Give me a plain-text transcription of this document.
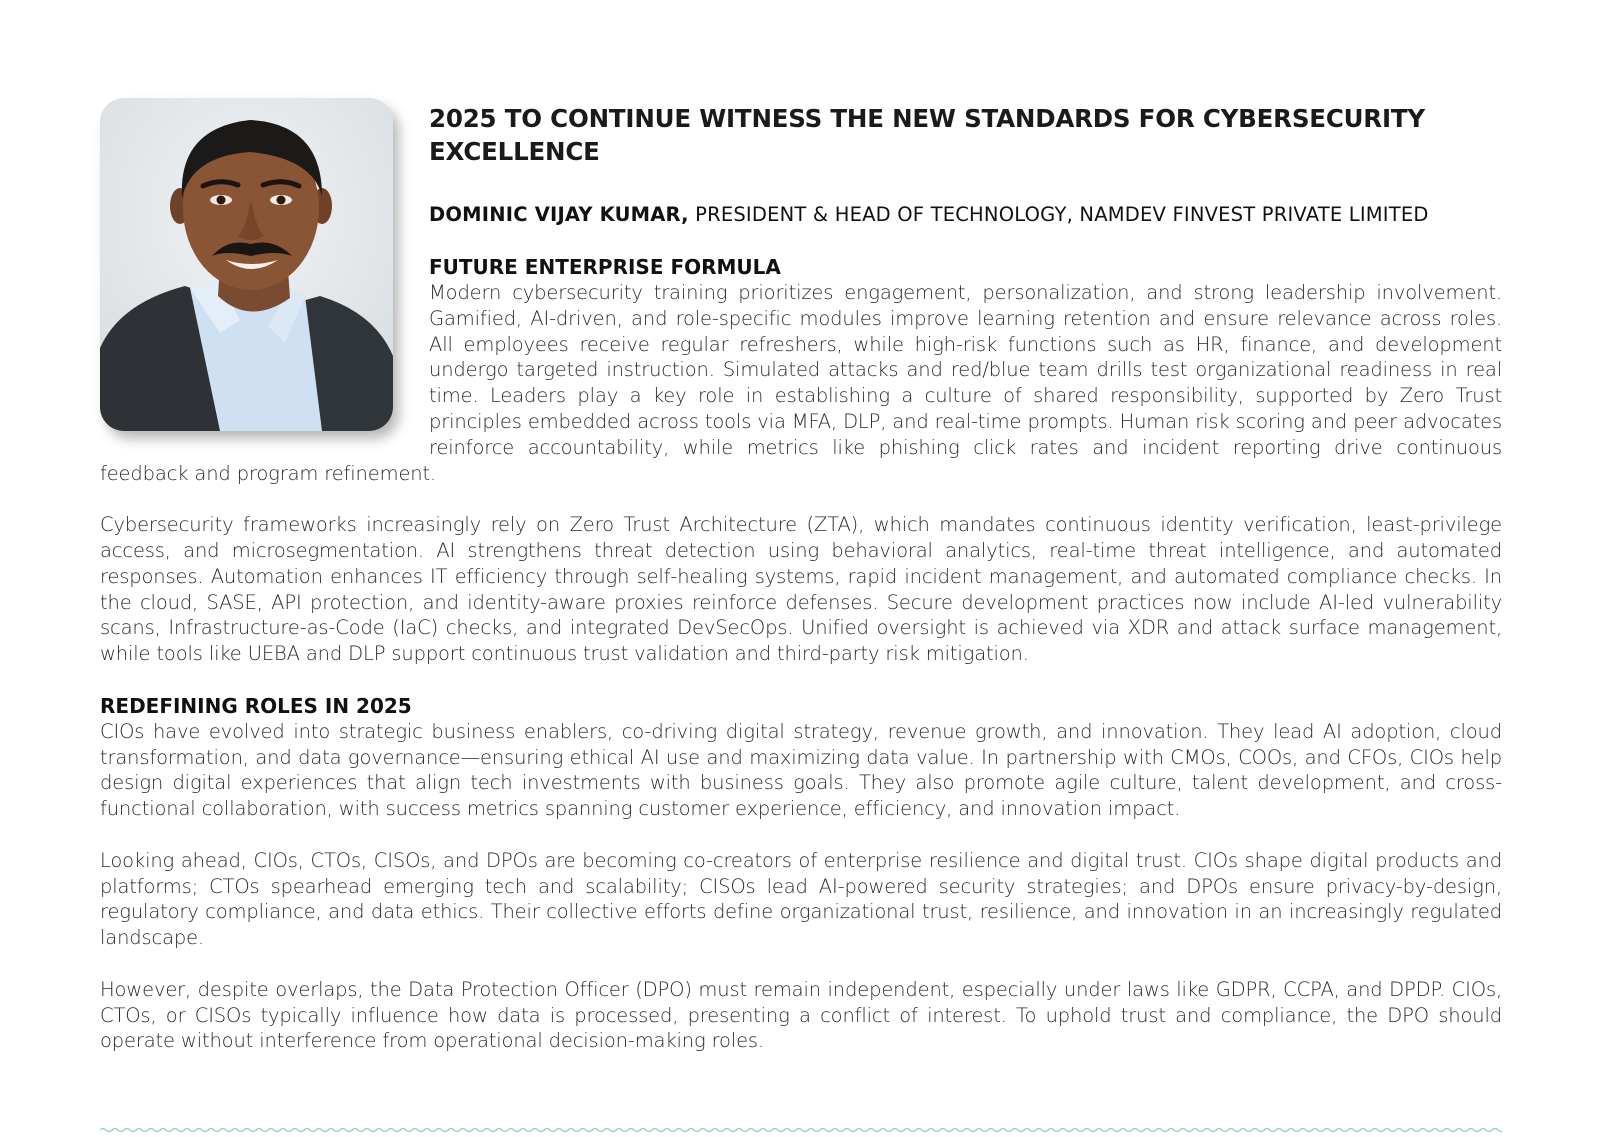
2025 TO CONTINUE WITNESS THE NEW STANDARDS FOR CYBERSECURITY EXCELLENCE
DOMINIC VIJAY KUMAR, PRESIDENT & HEAD OF TECHNOLOGY, NAMDEV FINVEST PRIVATE LIMITED
FUTURE ENTERPRISE FORMULA

Modern cybersecurity training prioritizes engagement, personalization, and strong leadership involvement. Gamified, AI-driven, and role-specific modules improve learning retention and ensure relevance across roles. All employees receive regular refreshers, while high-risk functions such as HR, finance, and development undergo targeted instruction. Simulated attacks and red/blue team drills test organizational readiness in real time. Leaders play a key role in establishing a culture of shared responsibility, supported by Zero Trust principles embedded across tools via MFA, DLP, and real-time prompts. Human risk scoring and peer advocates reinforce accountability, while metrics like phishing click rates and incident reporting drive continuous feedback and program refinement.

Cybersecurity frameworks increasingly rely on Zero Trust Architecture (ZTA), which mandates continuous identity verification, least-privilege access, and microsegmentation. AI strengthens threat detection using behavioral analytics, real-time threat intelligence, and automated responses. Automation enhances IT efficiency through self-healing systems, rapid incident management, and automated compliance checks. In the cloud, SASE, API protection, and identity-aware proxies reinforce defenses. Secure development practices now include AI-led vulnerability scans, Infrastructure-as-Code (IaC) checks, and integrated DevSecOps. Unified oversight is achieved via XDR and attack surface management, while tools like UEBA and DLP support continuous trust validation and third-party risk mitigation.

REDEFINING ROLES IN 2025

CIOs have evolved into strategic business enablers, co-driving digital strategy, revenue growth, and innovation. They lead AI adoption, cloud transformation, and data governance—ensuring ethical AI use and maximizing data value. In partnership with CMOs, COOs, and CFOs, CIOs help design digital experiences that align tech investments with business goals. They also promote agile culture, talent development, and cross-functional collaboration, with success metrics spanning customer experience, efficiency, and innovation impact.

Looking ahead, CIOs, CTOs, CISOs, and DPOs are becoming co-creators of enterprise resilience and digital trust. CIOs shape digital products and platforms; CTOs spearhead emerging tech and scalability; CISOs lead AI-powered security strategies; and DPOs ensure privacy-by-design, regulatory compliance, and data ethics. Their collective efforts define organizational trust, resilience, and innovation in an increasingly regulated landscape.

However, despite overlaps, the Data Protection Officer (DPO) must remain independent, especially under laws like GDPR, CCPA, and DPDP. CIOs, CTOs, or CISOs typically influence how data is processed, presenting a conflict of interest. To uphold trust and compliance, the DPO should operate without interference from operational decision-making roles.
